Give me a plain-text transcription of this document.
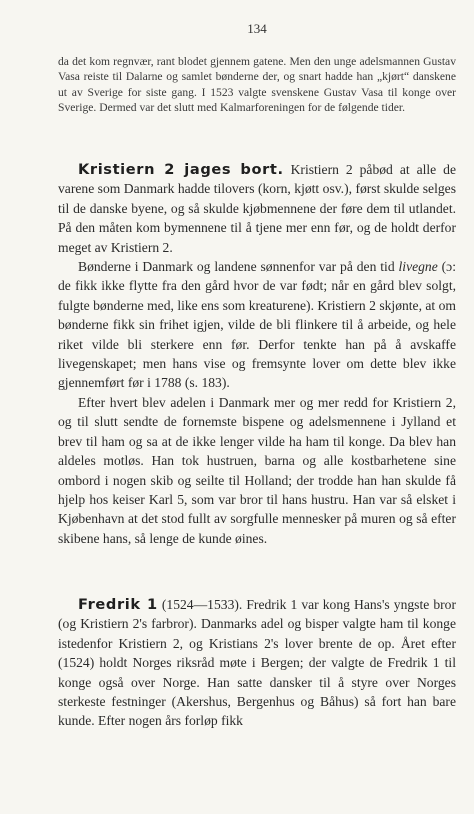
134

da det kom regnvær, rant blodet gjennem gatene. Men den unge adelsmannen Gustav Vasa reiste til Dalarne og samlet bønderne der, og snart hadde han „kjørt“ danskene ut av Sverige for siste gang. I 1523 valgte svenskene Gustav Vasa til konge over Sverige. Dermed var det slutt med Kalmarforeningen for de følgende tider.

Kristiern 2 jages bort. Kristiern 2 påbød at alle de varene som Danmark hadde tilovers (korn, kjøtt osv.), først skulde selges til de danske byene, og så skulde kjøbmennene der føre dem til utlandet. På den måten kom bymennene til å tjene mer enn før, og de holdt derfor meget av Kristiern 2.

Bønderne i Danmark og landene sønnenfor var på den tid livegne (ɔ: de fikk ikke flytte fra den gård hvor de var født; når en gård blev solgt, fulgte bønderne med, like ens som kreaturene). Kristiern 2 skjønte, at om bønderne fikk sin frihet igjen, vilde de bli flinkere til å arbeide, og hele riket vilde bli sterkere enn før. Derfor tenkte han på å avskaffe livegenskapet; men hans vise og fremsynte lover om dette blev ikke gjennemført før i 1788 (s. 183).

Efter hvert blev adelen i Danmark mer og mer redd for Kristiern 2, og til slutt sendte de fornemste bispene og adelsmennene i Jylland et brev til ham og sa at de ikke lenger vilde ha ham til konge. Da blev han aldeles motløs. Han tok hustruen, barna og alle kostbarhetene sine ombord i nogen skib og seilte til Holland; der trodde han han skulde få hjelp hos keiser Karl 5, som var bror til hans hustru. Han var så elsket i Kjøbenhavn at det stod fullt av sorgfulle mennesker på muren og så efter skibene hans, så lenge de kunde øines.

Fredrik 1 (1524—1533). Fredrik 1 var kong Hans's yngste bror (og Kristiern 2's farbror). Danmarks adel og bisper valgte ham til konge istedenfor Kristiern 2, og Kristians 2's lover brente de op. Året efter (1524) holdt Norges riksråd møte i Bergen; der valgte de Fredrik 1 til konge også over Norge. Han satte dansker til å styre over Norges sterkeste festninger (Akershus, Bergenhus og Båhus) så fort han bare kunde. Efter nogen års forløp fikk
